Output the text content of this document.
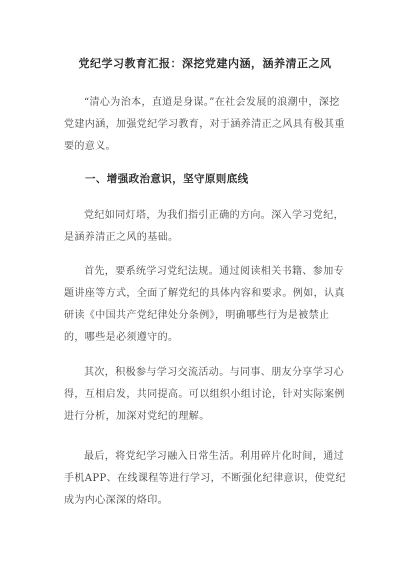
党纪学习教育汇报：深挖党建内涵，涵养清正之风

“清心为治本，直道是身谋。”在社会发展的浪潮中，深挖党建内涵，加强党纪学习教育，对于涵养清正之风具有极其重要的意义。

一、增强政治意识，坚守原则底线

党纪如同灯塔，为我们指引正确的方向。深入学习党纪，是涵养清正之风的基础。

首先，要系统学习党纪法规。通过阅读相关书籍、参加专题讲座等方式，全面了解党纪的具体内容和要求。例如，认真研读《中国共产党纪律处分条例》，明确哪些行为是被禁止的，哪些是必须遵守的。

其次，积极参与学习交流活动。与同事、朋友分享学习心得，互相启发，共同提高。可以组织小组讨论，针对实际案例进行分析，加深对党纪的理解。

最后，将党纪学习融入日常生活。利用碎片化时间，通过手机APP、在线课程等进行学习，不断强化纪律意识，使党纪成为内心深深的烙印。
